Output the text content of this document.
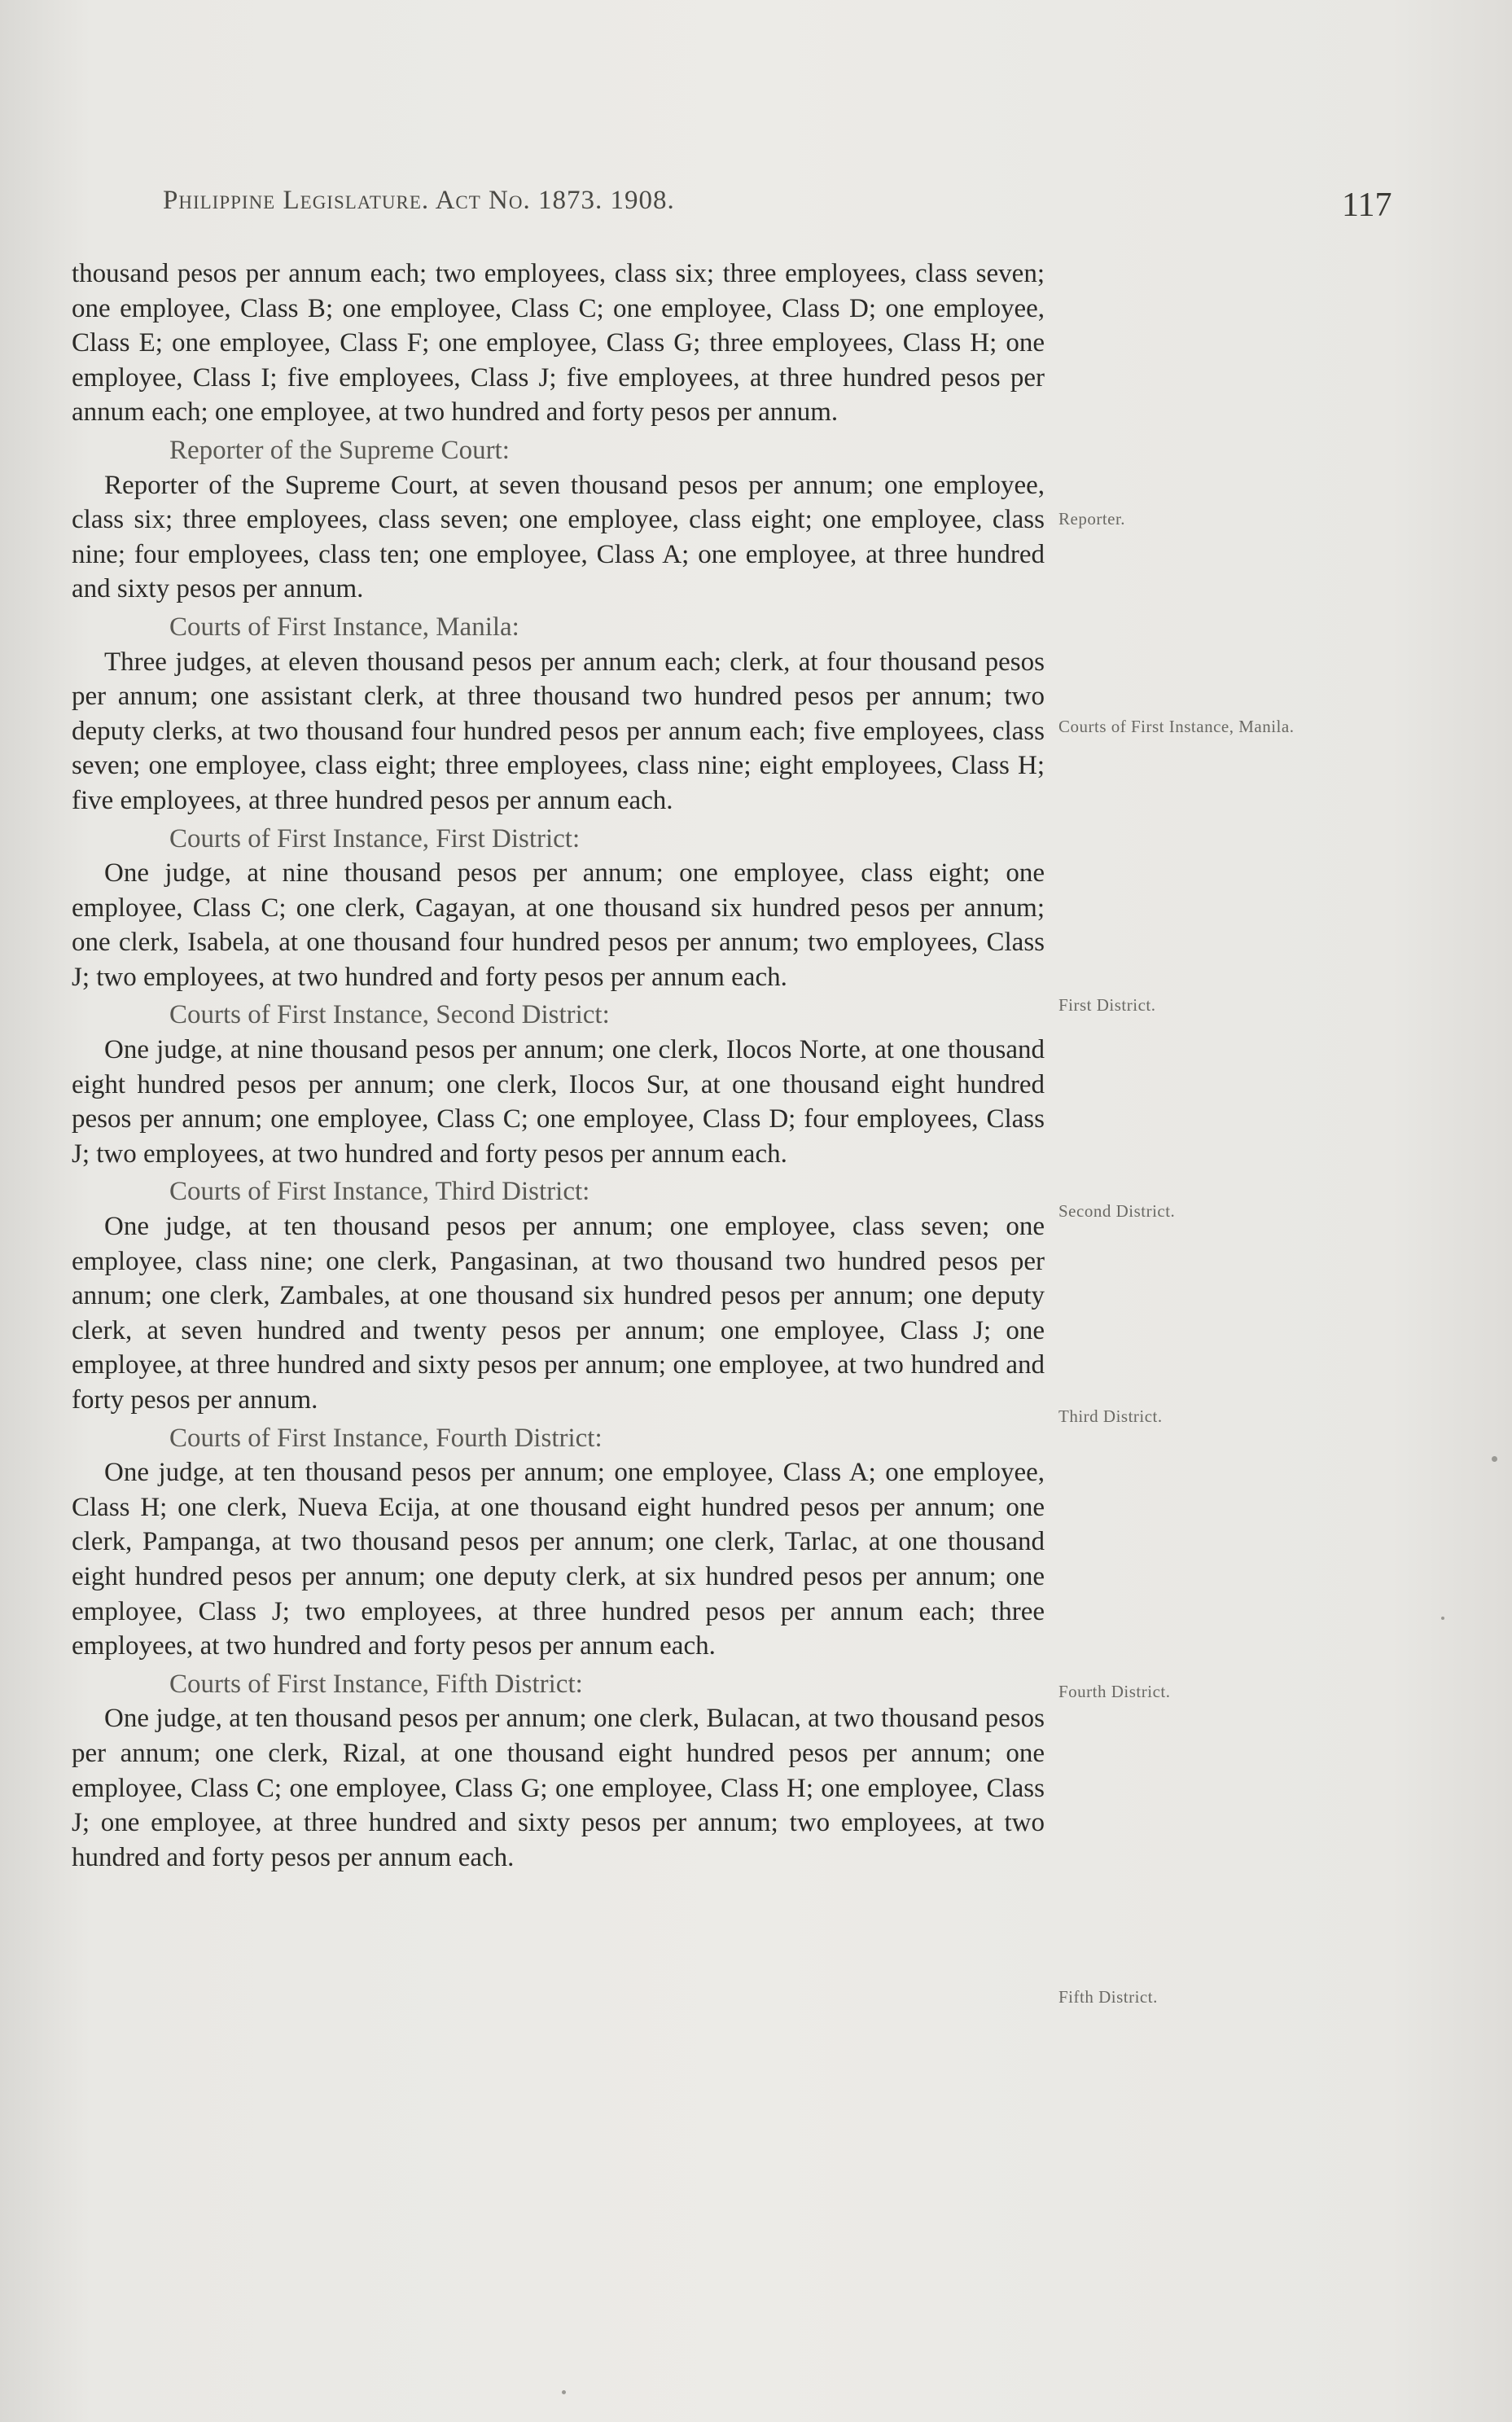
Philippine Legislature. Act No. 1873. 1908.	117

thousand pesos per annum each; two employees, class six; three employees, class seven; one employee, Class B; one employee, Class C; one employee, Class D; one employee, Class E; one employee, Class F; one employee, Class G; three employees, Class H; one employee, Class I; five employees, Class J; five employees, at three hundred pesos per annum each; one employee, at two hundred and forty pesos per annum.

Reporter of the Supreme Court:

Reporter of the Supreme Court, at seven thousand pesos per annum; one employee, class six; three employees, class seven; one employee, class eight; one employee, class nine; four employees, class ten; one employee, Class A; one employee, at three hundred and sixty pesos per annum.

Courts of First Instance, Manila:

Three judges, at eleven thousand pesos per annum each; clerk, at four thousand pesos per annum; one assistant clerk, at three thousand two hundred pesos per annum; two deputy clerks, at two thousand four hundred pesos per annum each; five employees, class seven; one employee, class eight; three employees, class nine; eight employees, Class H; five employees, at three hundred pesos per annum each.

Courts of First Instance, First District:

One judge, at nine thousand pesos per annum; one employee, class eight; one employee, Class C; one clerk, Cagayan, at one thousand six hundred pesos per annum; one clerk, Isabela, at one thousand four hundred pesos per annum; two employees, Class J; two employees, at two hundred and forty pesos per annum each.

Courts of First Instance, Second District:

One judge, at nine thousand pesos per annum; one clerk, Ilocos Norte, at one thousand eight hundred pesos per annum; one clerk, Ilocos Sur, at one thousand eight hundred pesos per annum; one employee, Class C; one employee, Class D; four employees, Class J; two employees, at two hundred and forty pesos per annum each.

Courts of First Instance, Third District:

One judge, at ten thousand pesos per annum; one employee, class seven; one employee, class nine; one clerk, Pangasinan, at two thousand two hundred pesos per annum; one clerk, Zambales, at one thousand six hundred pesos per annum; one deputy clerk, at seven hundred and twenty pesos per annum; one employee, Class J; one employee, at three hundred and sixty pesos per annum; one employee, at two hundred and forty pesos per annum.

Courts of First Instance, Fourth District:

One judge, at ten thousand pesos per annum; one employee, Class A; one employee, Class H; one clerk, Nueva Ecija, at one thousand eight hundred pesos per annum; one clerk, Pampanga, at two thousand pesos per annum; one clerk, Tarlac, at one thousand eight hundred pesos per annum; one deputy clerk, at six hundred pesos per annum; one employee, Class J; two employees, at three hundred pesos per annum each; three employees, at two hundred and forty pesos per annum each.

Courts of First Instance, Fifth District:

One judge, at ten thousand pesos per annum; one clerk, Bulacan, at two thousand pesos per annum; one clerk, Rizal, at one thousand eight hundred pesos per annum; one employee, Class C; one employee, Class G; one employee, Class H; one employee, Class J; one employee, at three hundred and sixty pesos per annum; two employees, at two hundred and forty pesos per annum each.

Reporter.
Courts of First Instance, Manila.
First District.
Second District.
Third District.
Fourth District.
Fifth District.
